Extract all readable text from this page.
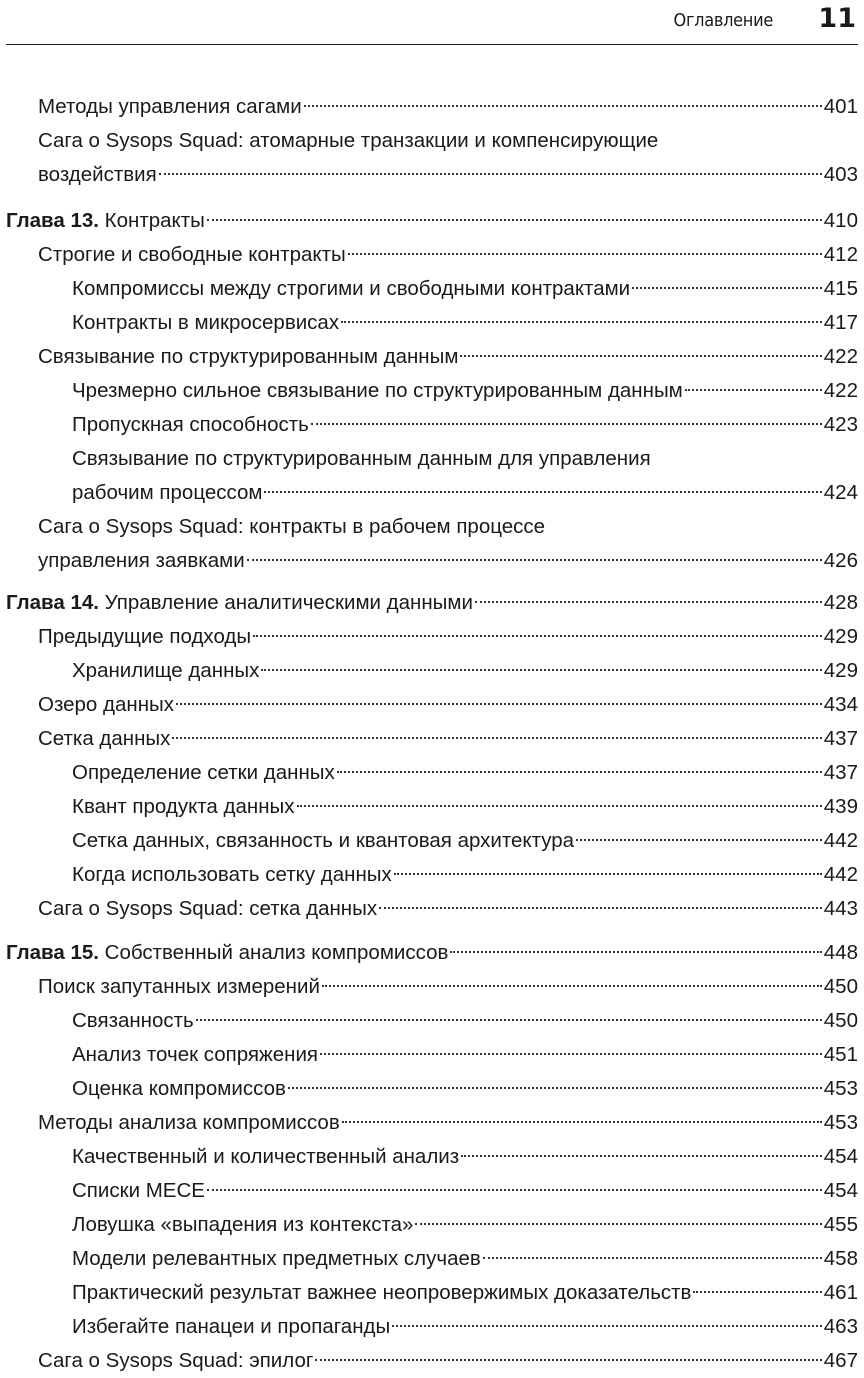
Оглавление 11
Методы управления сагами	401
Сага о Sysops Squad: атомарные транзакции и компенсирующие
воздействия	403
Глава 13. Контракты	410
Строгие и свободные контракты	412
Компромиссы между строгими и свободными контрактами	415
Контракты в микросервисах	417
Связывание по структурированным данным	422
Чрезмерно сильное связывание по структурированным данным	422
Пропускная способность	423
Связывание по структурированным данным для управления
рабочим процессом	424
Сага о Sysops Squad: контракты в рабочем процессе
управления заявками	426
Глава 14. Управление аналитическими данными	428
Предыдущие подходы	429
Хранилище данных	429
Озеро данных	434
Сетка данных	437
Определение сетки данных	437
Квант продукта данных	439
Сетка данных, связанность и квантовая архитектура	442
Когда использовать сетку данных	442
Сага о Sysops Squad: сетка данных	443
Глава 15. Собственный анализ компромиссов	448
Поиск запутанных измерений	450
Связанность	450
Анализ точек сопряжения	451
Оценка компромиссов	453
Методы анализа компромиссов	453
Качественный и количественный анализ	454
Списки MECE	454
Ловушка «выпадения из контекста»	455
Модели релевантных предметных случаев	458
Практический результат важнее неопровержимых доказательств	461
Избегайте панацеи и пропаганды	463
Сага о Sysops Squad: эпилог	467
